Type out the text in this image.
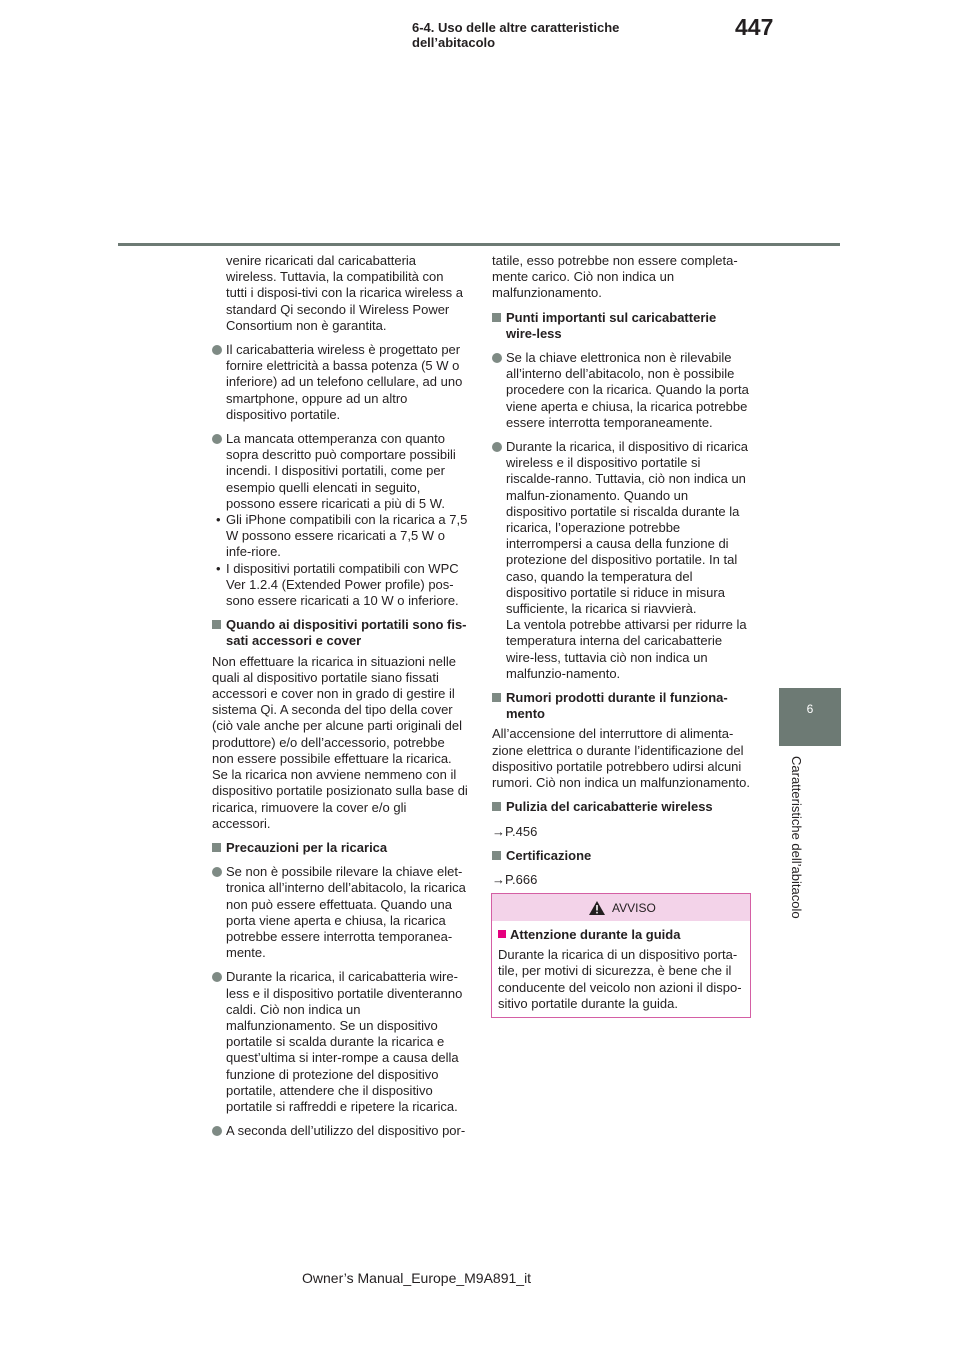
6-4. Uso delle altre caratteristiche dell’abitacolo
447
6
Caratteristiche dell’abitacolo

venire ricaricati dal caricabatteria wireless. Tuttavia, la compatibilità con tutti i disposi-tivi con la ricarica wireless a standard Qi secondo il Wireless Power Consortium non è garantita.

Il caricabatteria wireless è progettato per fornire elettricità a bassa potenza (5 W o inferiore) ad un telefono cellulare, ad uno smartphone, oppure ad un altro dispositivo portatile.
La mancata ottemperanza con quanto sopra descritto può comportare possibili incendi. I dispositivi portatili, come per esempio quelli elencati in seguito, possono essere ricaricati a più di 5 W.
• Gli iPhone compatibili con la ricarica a 7,5 W possono essere ricaricati a 7,5 W o infe-riore.
• I dispositivi portatili compatibili con WPC Ver 1.2.4 (Extended Power profile) pos-sono essere ricaricati a 10 W o inferiore.
Quando ai dispositivi portatili sono fis-sati accessori e cover

Non effettuare la ricarica in situazioni nelle quali al dispositivo portatile siano fissati accessori e cover non in grado di gestire il sistema Qi. A seconda del tipo della cover (ciò vale anche per alcune parti originali del produttore) e/o dell’accessorio, potrebbe non essere possibile effettuare la ricarica.

Se la ricarica non avviene nemmeno con il dispositivo portatile posizionato sulla base di ricarica, rimuovere la cover e/o gli accessori.

Precauzioni per la ricarica
Se non è possibile rilevare la chiave elet-tronica all’interno dell’abitacolo, la ricarica non può essere effettuata. Quando una porta viene aperta e chiusa, la ricarica potrebbe essere interrotta temporanea-mente.
Durante la ricarica, il caricabatteria wire-less e il dispositivo portatile diventeranno caldi. Ciò non indica un malfunzionamento. Se un dispositivo portatile si scalda durante la ricarica e quest’ultima si inter-rompe a causa della funzione di protezione del dispositivo portatile, attendere che il dispositivo portatile si raffreddi e ripetere la ricarica.
A seconda dell’utilizzo del dispositivo por-

tatile, esso potrebbe non essere completa-mente carico. Ciò non indica un malfunzionamento.

Punti importanti sul caricabatterie wire-less
Se la chiave elettronica non è rilevabile all’interno dell’abitacolo, non è possibile procedere con la ricarica. Quando la porta viene aperta e chiusa, la ricarica potrebbe essere interrotta temporaneamente.
Durante la ricarica, il dispositivo di ricarica wireless e il dispositivo portatile si riscalde-ranno. Tuttavia, ciò non indica un malfun-zionamento. Quando un dispositivo portatile si riscalda durante la ricarica, l’operazione potrebbe interrompersi a causa della funzione di protezione del dispositivo portatile. In tal caso, quando la temperatura del dispositivo portatile si riduce in misura sufficiente, la ricarica si riavvierà.

La ventola potrebbe attivarsi per ridurre la temperatura interna del caricabatterie wire-less, tuttavia ciò non indica un malfunzio-namento.

Rumori prodotti durante il funziona-mento

All’accensione del interruttore di alimenta-zione elettrica o durante l’identificazione del dispositivo portatile potrebbero udirsi alcuni rumori. Ciò non indica un malfunzionamento.

Pulizia del caricabatterie wireless

→P.456

Certificazione

→P.666

AVVISO
Attenzione durante la guida
Durante la ricarica di un dispositivo porta-tile, per motivi di sicurezza, è bene che il conducente del veicolo non azioni il dispo-sitivo portatile durante la guida.
Owner’s Manual_Europe_M9A891_it
